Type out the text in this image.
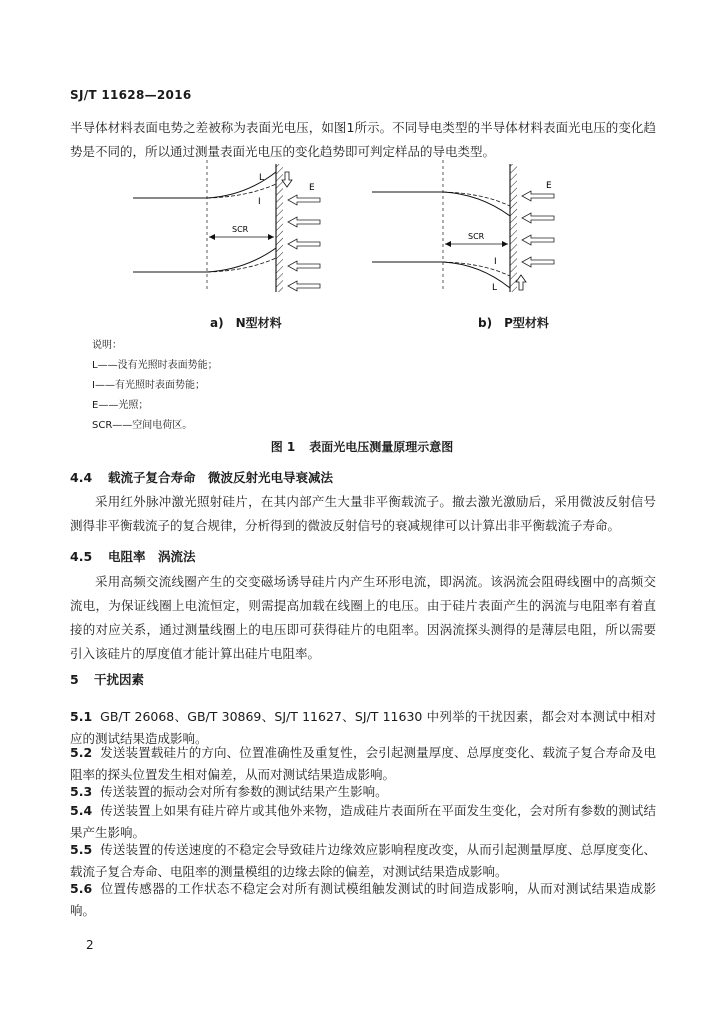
SJ/T 11628—2016
半导体材料表面电势之差被称为表面光电压，如图1所示。不同导电类型的半导体材料表面光电压的变化趋势是不同的，所以通过测量表面光电压的变化趋势即可判定样品的导电类型。
SCR
L
I
E
SCR
I
L
E
a)　N型材料	b)　P型材料
说明：
L——没有光照时表面势能；
I——有光照时表面势能；
E——光照；
SCR——空间电荷区。
图 1 表面光电压测量原理示意图
4.4 载流子复合寿命　微波反射光电导衰减法
采用红外脉冲激光照射硅片，在其内部产生大量非平衡载流子。撤去激光激励后，采用微波反射信号测得非平衡载流子的复合规律，分析得到的微波反射信号的衰减规律可以计算出非平衡载流子寿命。
4.5 电阻率　涡流法
采用高频交流线圈产生的交变磁场诱导硅片内产生环形电流，即涡流。该涡流会阻碍线圈中的高频交流电，为保证线圈上电流恒定，则需提高加载在线圈上的电压。由于硅片表面产生的涡流与电阻率有着直接的对应关系，通过测量线圈上的电压即可获得硅片的电阻率。因涡流探头测得的是薄层电阻，所以需要引入该硅片的厚度值才能计算出硅片电阻率。
5 干扰因素
5.1 GB/T 26068、GB/T 30869、SJ/T 11627、SJ/T 11630 中列举的干扰因素，都会对本测试中相对应的测试结果造成影响。
5.2 发送装置载硅片的方向、位置准确性及重复性，会引起测量厚度、总厚度变化、载流子复合寿命及电阻率的探头位置发生相对偏差，从而对测试结果造成影响。
5.3 传送装置的振动会对所有参数的测试结果产生影响。
5.4 传送装置上如果有硅片碎片或其他外来物，造成硅片表面所在平面发生变化，会对所有参数的测试结果产生影响。
5.5 传送装置的传送速度的不稳定会导致硅片边缘效应影响程度改变，从而引起测量厚度、总厚度变化、载流子复合寿命、电阻率的测量模组的边缘去除的偏差，对测试结果造成影响。
5.6 位置传感器的工作状态不稳定会对所有测试模组触发测试的时间造成影响，从而对测试结果造成影响。
2
